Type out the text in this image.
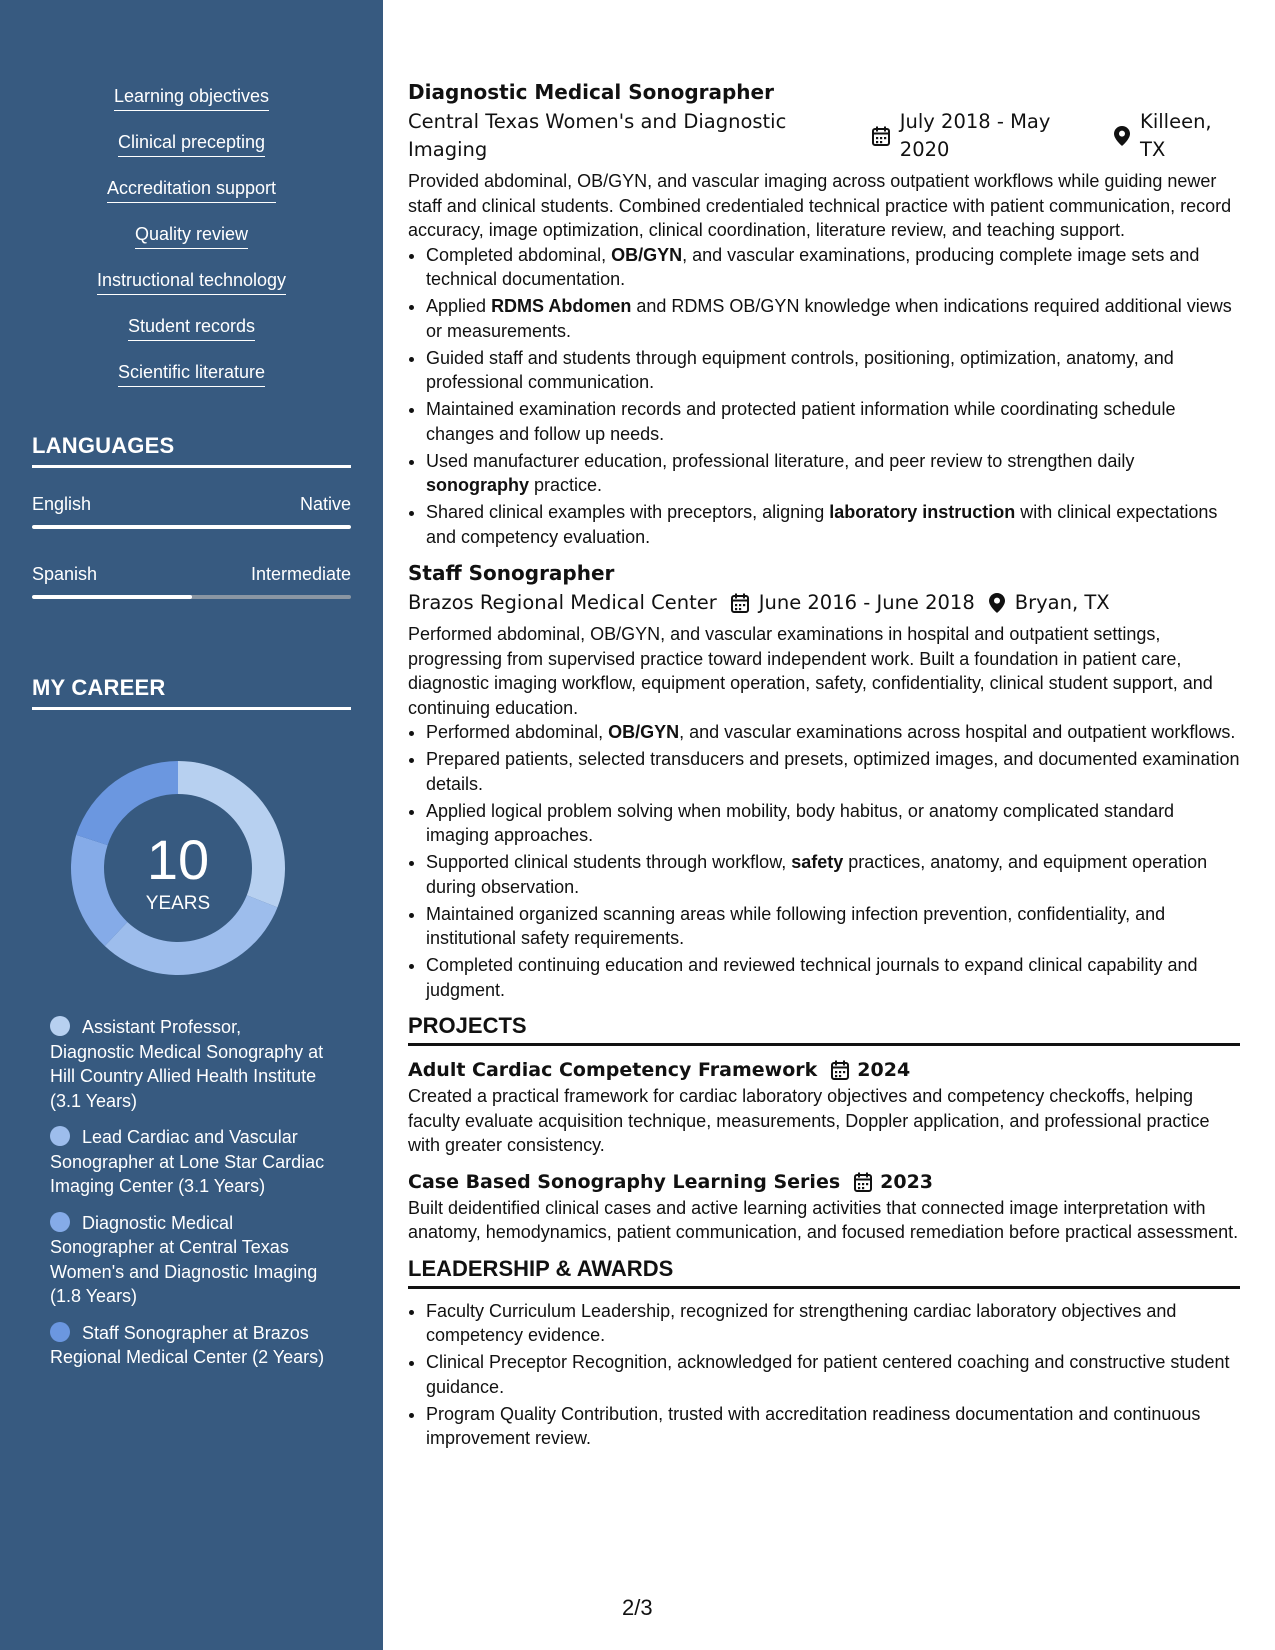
Learning objectives
Clinical precepting
Accreditation support
Quality review
Instructional technology
Student records
Scientific literature
LANGUAGES
English	Native
Spanish	Intermediate
MY CAREER
10
YEARS
Assistant Professor, Diagnostic Medical Sonography at Hill Country Allied Health Institute (3.1 Years)
Lead Cardiac and Vascular Sonographer at Lone Star Cardiac Imaging Center (3.1 Years)
Diagnostic Medical Sonographer at Central Texas Women's and Diagnostic Imaging (1.8 Years)
Staff Sonographer at Brazos Regional Medical Center (2 Years)
Diagnostic Medical Sonographer
Central Texas Women's and Diagnostic Imaging
July 2018 - May 2020
Killeen, TX

Provided abdominal, OB/GYN, and vascular imaging across outpatient workflows while guiding newer staff and clinical students. Combined credentialed technical practice with patient communication, record accuracy, image optimization, clinical coordination, literature review, and teaching support.

• Completed abdominal, OB/GYN, and vascular examinations, producing complete image sets and technical documentation.
• Applied RDMS Abdomen and RDMS OB/GYN knowledge when indications required additional views or measurements.
• Guided staff and students through equipment controls, positioning, optimization, anatomy, and professional communication.
• Maintained examination records and protected patient information while coordinating schedule changes and follow up needs.
• Used manufacturer education, professional literature, and peer review to strengthen daily sonography practice.
• Shared clinical examples with preceptors, aligning laboratory instruction with clinical expectations and competency evaluation.
Staff Sonographer
Brazos Regional Medical Center June 2016 - June 2018 Bryan, TX

Performed abdominal, OB/GYN, and vascular examinations in hospital and outpatient settings, progressing from supervised practice toward independent work. Built a foundation in patient care, diagnostic imaging workflow, equipment operation, safety, confidentiality, clinical student support, and continuing education.

• Performed abdominal, OB/GYN, and vascular examinations across hospital and outpatient workflows.
• Prepared patients, selected transducers and presets, optimized images, and documented examination details.
• Applied logical problem solving when mobility, body habitus, or anatomy complicated standard imaging approaches.
• Supported clinical students through workflow, safety practices, anatomy, and equipment operation during observation.
• Maintained organized scanning areas while following infection prevention, confidentiality, and institutional safety requirements.
• Completed continuing education and reviewed technical journals to expand clinical capability and judgment.
PROJECTS
Adult Cardiac Competency Framework 2024

Created a practical framework for cardiac laboratory objectives and competency checkoffs, helping faculty evaluate acquisition technique, measurements, Doppler application, and professional practice with greater consistency.

Case Based Sonography Learning Series 2023

Built deidentified clinical cases and active learning activities that connected image interpretation with anatomy, hemodynamics, patient communication, and focused remediation before practical assessment.

LEADERSHIP & AWARDS
• Faculty Curriculum Leadership, recognized for strengthening cardiac laboratory objectives and competency evidence.
• Clinical Preceptor Recognition, acknowledged for patient centered coaching and constructive student guidance.
• Program Quality Contribution, trusted with accreditation readiness documentation and continuous improvement review.
2/3
